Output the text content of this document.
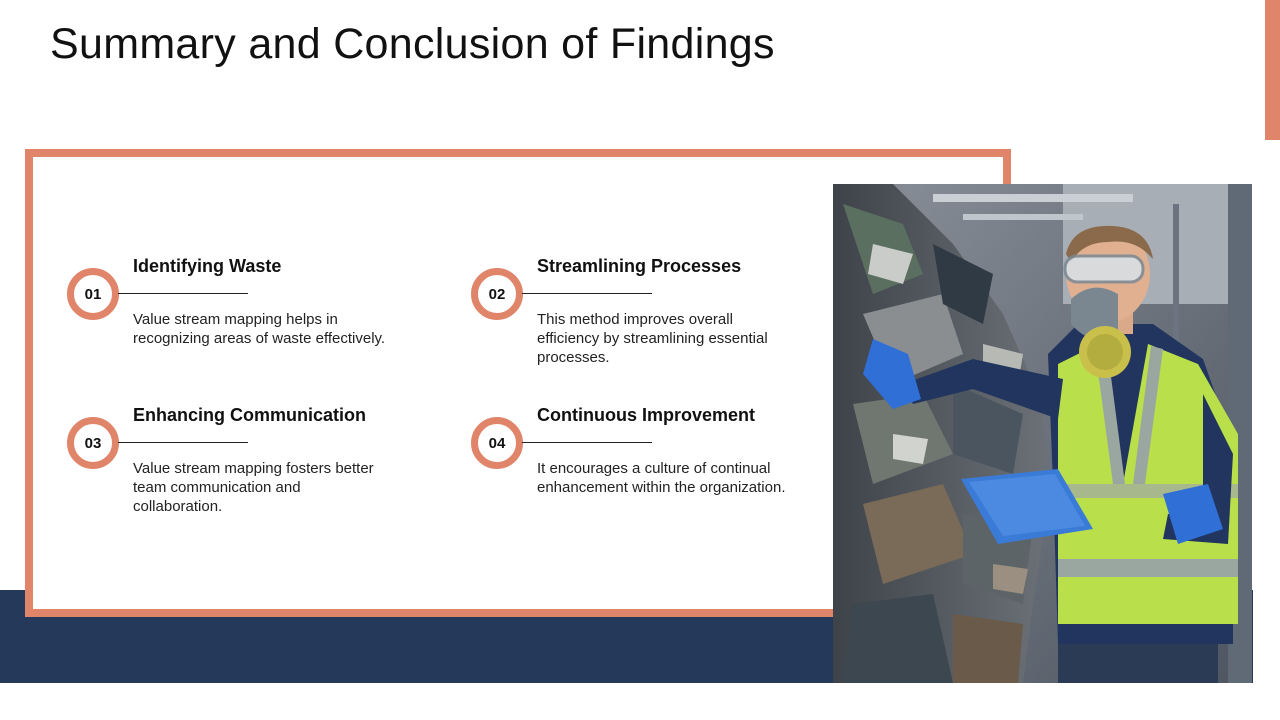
Summary and Conclusion of Findings
01
Identifying Waste
Value stream mapping helps in recognizing areas of waste effectively.
02
Streamlining Processes
This method improves overall efficiency by streamlining essential processes.
03
Enhancing Communication
Value stream mapping fosters better team communication and collaboration.
04
Continuous Improvement
It encourages a culture of continual enhancement within the organization.
